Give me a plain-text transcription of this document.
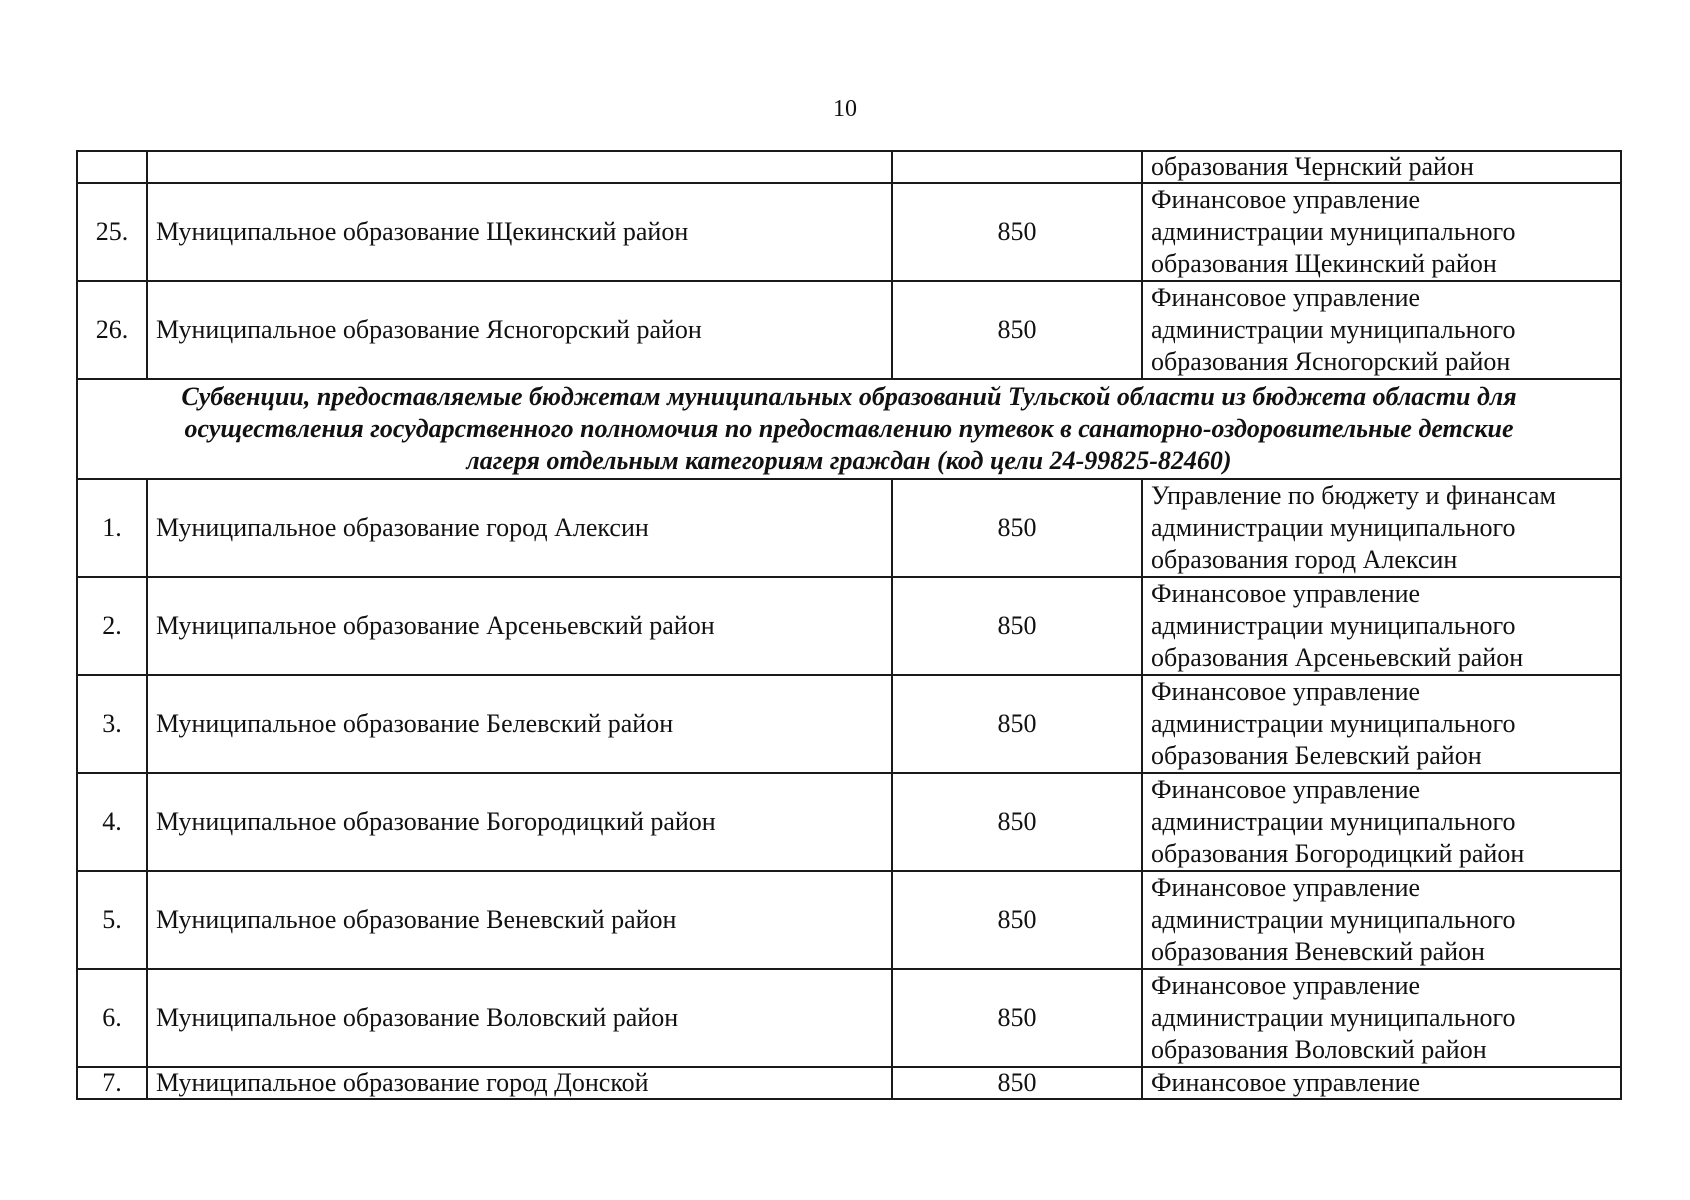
10

			образования Чернский район

25.	Муниципальное образование Щекинский район	850	Финансовое управление
администрации муниципального
образования Щекинский район

26.	Муниципальное образование Ясногорский район	850	Финансовое управление
администрации муниципального
образования Ясногорский район

Субвенции, предоставляемые бюджетам муниципальных образований Тульской области из бюджета области для
осуществления государственного полномочия по предоставлению путевок в санаторно-оздоровительные детские
лагеря отдельным категориям граждан (код цели 24-99825-82460)			

1.	Муниципальное образование город Алексин	850	Управление по бюджету и финансам
администрации муниципального
образования город Алексин

2.	Муниципальное образование Арсеньевский район	850	Финансовое управление
администрации муниципального
образования Арсеньевский район

3.	Муниципальное образование Белевский район	850	Финансовое управление
администрации муниципального
образования Белевский район

4.	Муниципальное образование Богородицкий район	850	Финансовое управление
администрации муниципального
образования Богородицкий район

5.	Муниципальное образование Веневский район	850	Финансовое управление
администрации муниципального
образования Веневский район

6.	Муниципальное образование Воловский район	850	Финансовое управление
администрации муниципального
образования Воловский район

7.	Муниципальное образование город Донской	850	Финансовое управление
